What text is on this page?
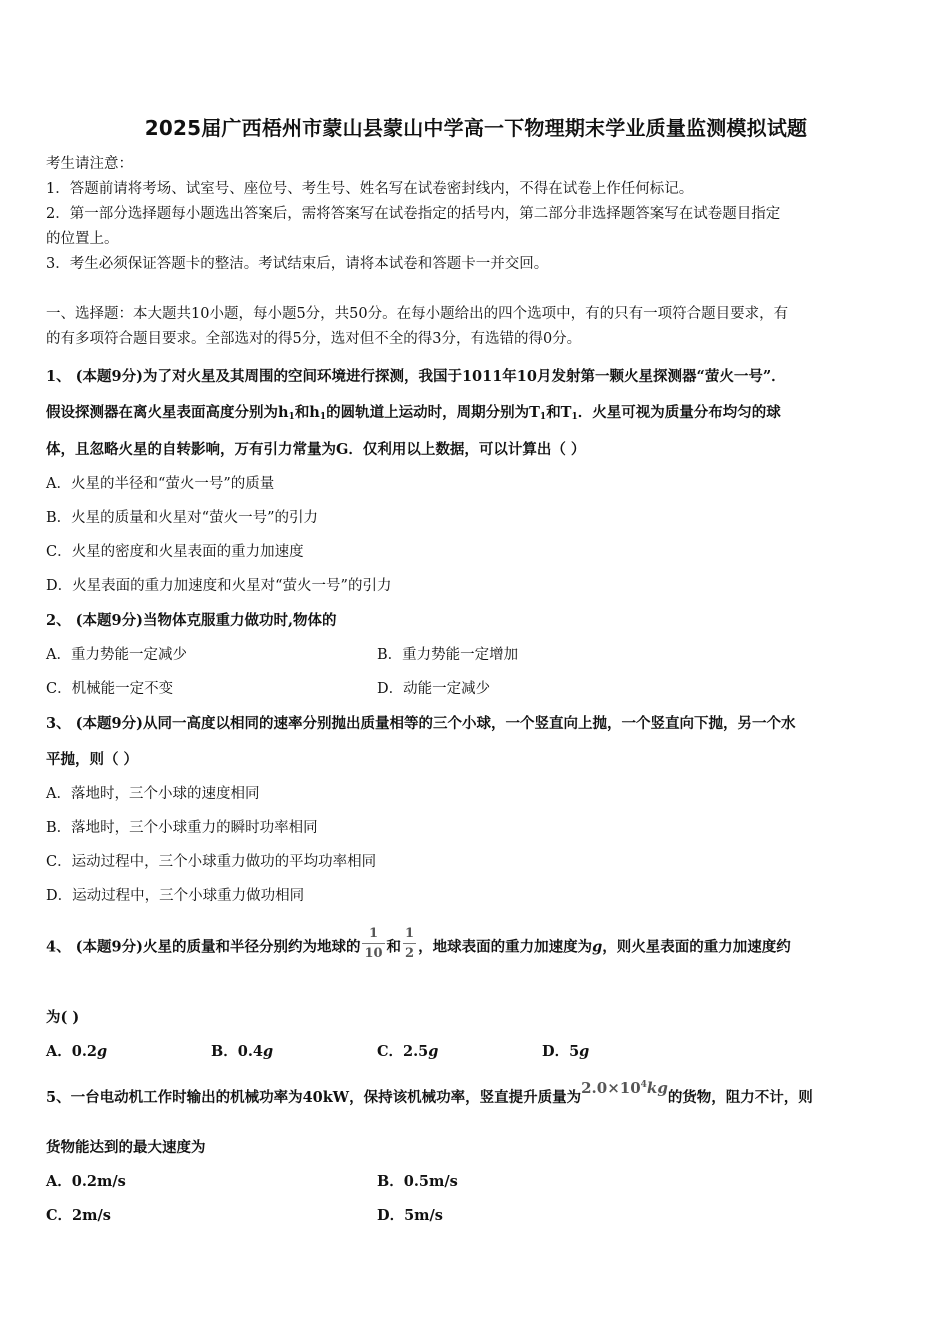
2025届广西梧州市蒙山县蒙山中学高一下物理期末学业质量监测模拟试题
考生请注意：
1．答题前请将考场、试室号、座位号、考生号、姓名写在试卷密封线内，不得在试卷上作任何标记。
2．第一部分选择题每小题选出答案后，需将答案写在试卷指定的括号内，第二部分非选择题答案写在试卷题目指定
的位置上。
3．考生必须保证答题卡的整洁。考试结束后，请将本试卷和答题卡一并交回。
一、选择题：本大题共10小题，每小题5分，共50分。在每小题给出的四个选项中，有的只有一项符合题目要求，有
的有多项符合题目要求。全部选对的得5分，选对但不全的得3分，有选错的得0分。
1、 (本题9分)为了对火星及其周围的空间环境进行探测，我国于1011年10月发射第一颗火星探测器“萤火一号”．
假设探测器在离火星表面高度分别为$h_1$和$h_1$的圆轨道上运动时，周期分别为$T_1$和$T_1$．火星可视为质量分布均匀的球
体，且忽略火星的自转影响，万有引力常量为G．仅利用以上数据，可以计算出（ ）
A．火星的半径和“萤火一号”的质量
B．火星的质量和火星对“萤火一号”的引力
C．火星的密度和火星表面的重力加速度
D．火星表面的重力加速度和火星对“萤火一号”的引力
2、 (本题9分)当物体克服重力做功时,物体的
A．重力势能一定减少	B．重力势能一定增加
C．机械能一定不变	D．动能一定减少
3、 (本题9分)从同一高度以相同的速率分别抛出质量相等的三个小球，一个竖直向上抛，一个竖直向下抛，另一个水
平抛，则（ ）
A．落地时，三个小球的速度相同
B．落地时，三个小球重力的瞬时功率相同
C．运动过程中，三个小球重力做功的平均功率相同
D．运动过程中，三个小球重力做功相同
4、 (本题9分)火星的质量和半径分别约为地球的 $\frac{1}{10}$ 和 $\frac{1}{2}$ ，地球表面的重力加速度为g，则火星表面的重力加速度约
为( )
A．0.2g	B．0.4g	C．2.5g	D．5g
5、一台电动机工作时输出的机械功率为40kW，保持该机械功率，竖直提升质量为$2.0\times 10^4kg$的货物，阻力不计，则
货物能达到的最大速度为
A．0.2m/s	B．0.5m/s
C．2m/s	D．5m/s
